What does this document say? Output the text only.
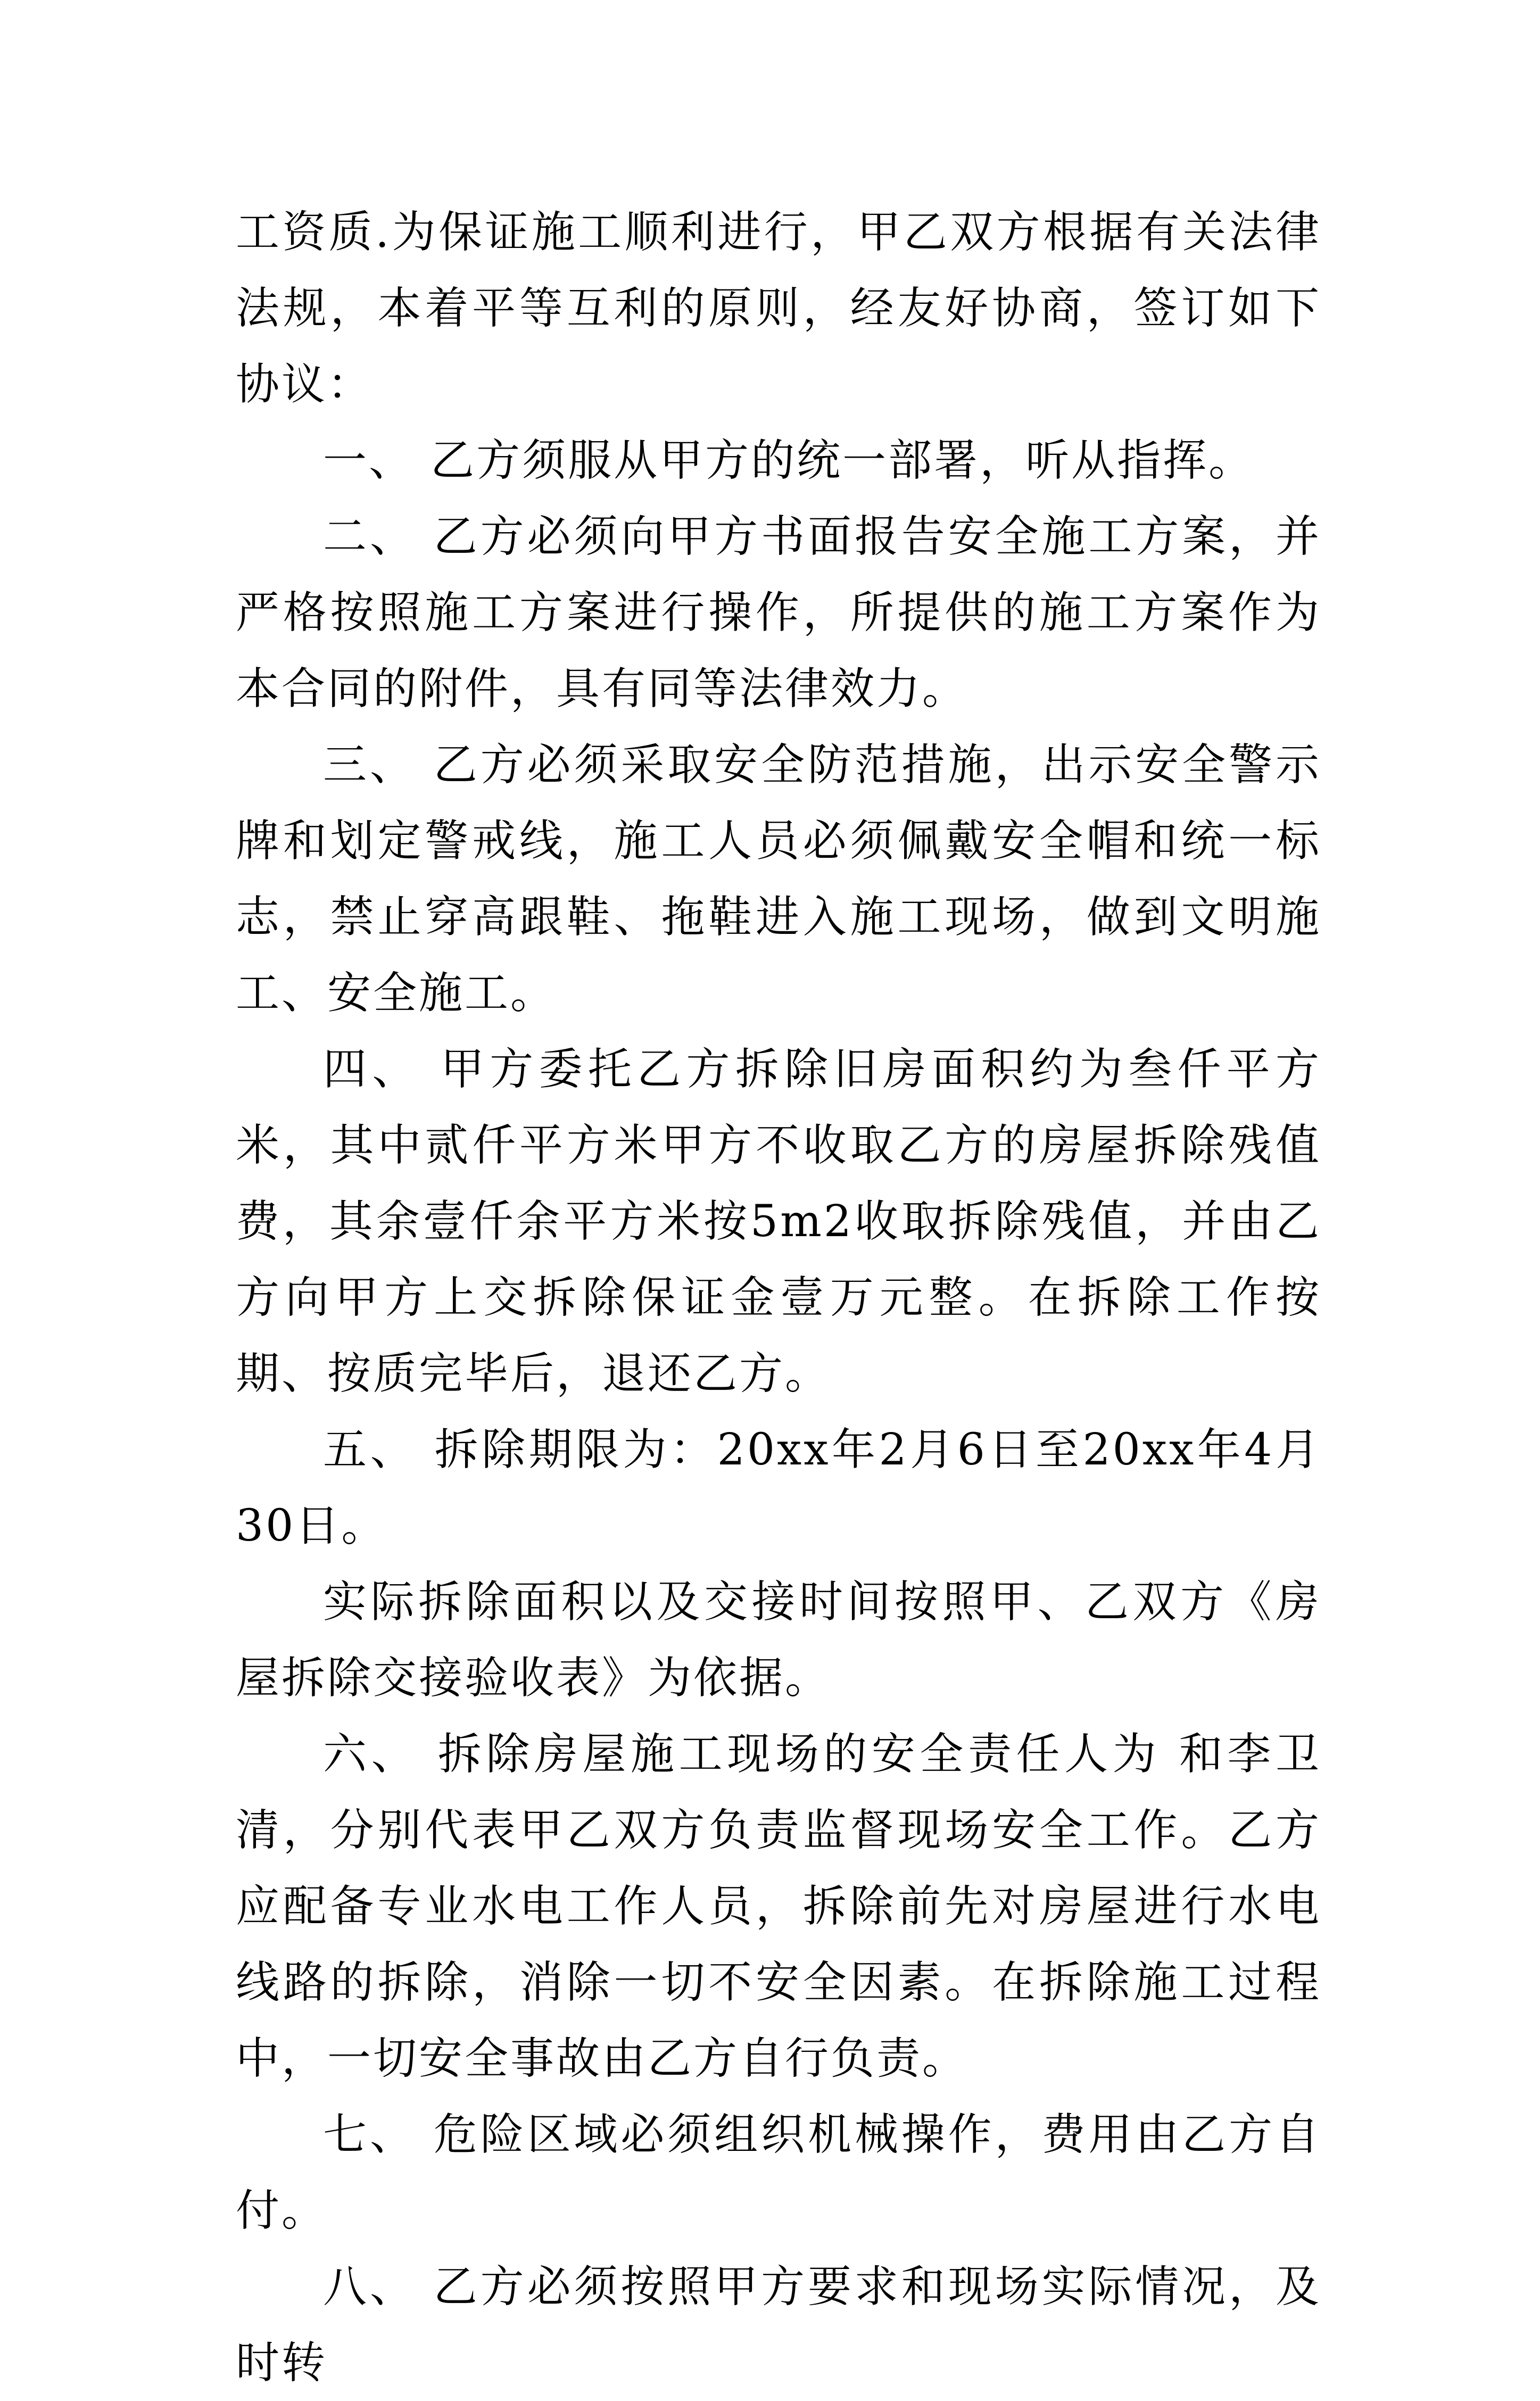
工资质.为保证施工顺利进行，甲乙双方根据有关法律法规，本着平等互利的原则，经友好协商，签订如下协议：

一、 乙方须服从甲方的统一部署，听从指挥。

二、 乙方必须向甲方书面报告安全施工方案，并严格按照施工方案进行操作，所提供的施工方案作为本合同的附件，具有同等法律效力。

三、 乙方必须采取安全防范措施，出示安全警示牌和划定警戒线，施工人员必须佩戴安全帽和统一标志，禁止穿高跟鞋、拖鞋进入施工现场，做到文明施工、安全施工。

四、 甲方委托乙方拆除旧房面积约为叁仟平方米，其中贰仟平方米甲方不收取乙方的房屋拆除残值费，其余壹仟余平方米按5m2收取拆除残值，并由乙方向甲方上交拆除保证金壹万元整。在拆除工作按期、按质完毕后，退还乙方。

五、 拆除期限为：20xx年2月6日至20xx年4月30日。

实际拆除面积以及交接时间按照甲、乙双方《房屋拆除交接验收表》为依据。

六、 拆除房屋施工现场的安全责任人为 和李卫清，分别代表甲乙双方负责监督现场安全工作。乙方应配备专业水电工作人员，拆除前先对房屋进行水电线路的拆除，消除一切不安全因素。在拆除施工过程中，一切安全事故由乙方自行负责。

七、 危险区域必须组织机械操作，费用由乙方自付。

八、 乙方必须按照甲方要求和现场实际情况，及时转
